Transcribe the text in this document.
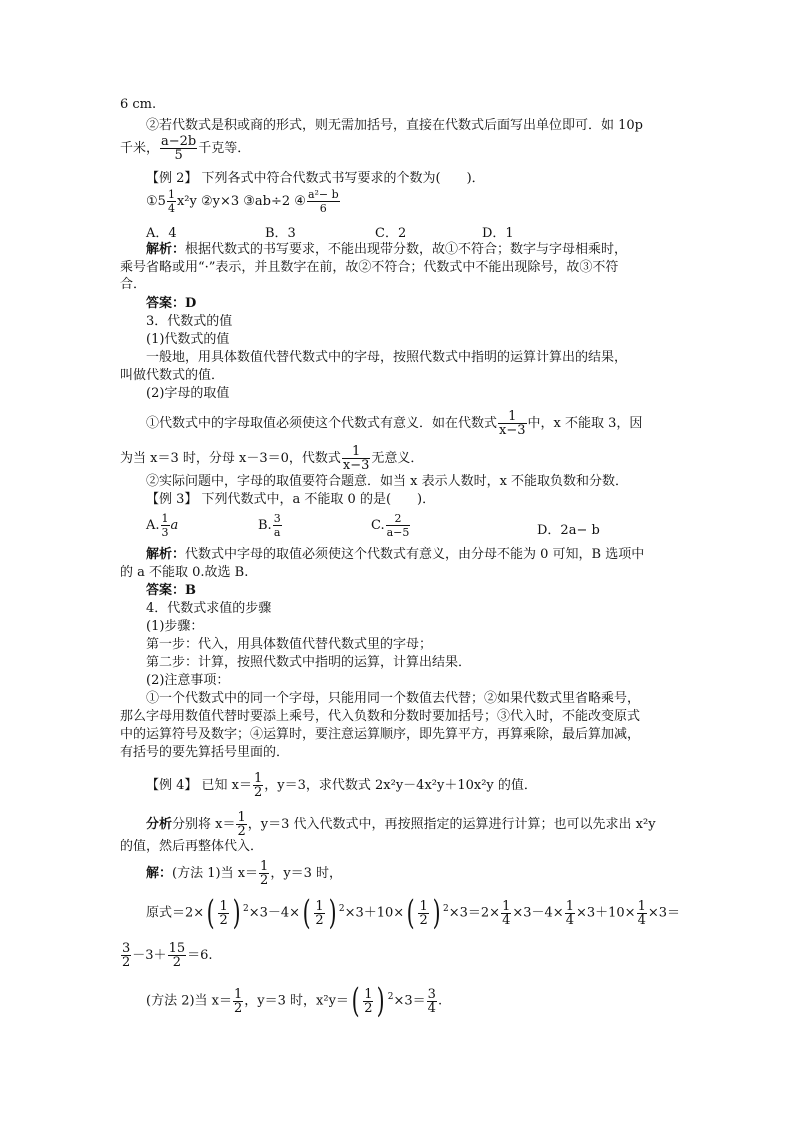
6 cm.
②若代数式是积或商的形式，则无需加括号，直接在代数式后面写出单位即可．如 10p
千米， $\frac{a-2b}{5}$ 千克等．
【例 2】 下列各式中符合代数式书写要求的个数为(　　)．
①5 $\frac{1}{4} x^2y$ ②y×3 ③ab÷2 ④ $\frac{\text{a²− b}}{6}$
A．4	B．3	C．2	D．1
解析：根据代数式的书写要求，不能出现带分数，故①不符合；数字与字母相乘时，
乘号省略或用“·”表示，并且数字在前，故②不符合；代数式中不能出现除号，故③不符
合．
答案：D
3．代数式的值
(1)代数式的值
一般地，用具体数值代替代数式中的字母，按照代数式中指明的运算计算出的结果，
叫做代数式的值．
(2)字母的取值
①代数式中的字母取值必须使这个代数式有意义．如在代数式 $\frac{1}{x-3}$ 中，x 不能取 3，因
为当 x＝3 时，分母 x－3＝0，代数式 $\frac{1}{x-3}$ 无意义．
②实际问题中，字母的取值要符合题意．如当 x 表示人数时，x 不能取负数和分数．
【例 3】 下列代数式中，a 不能取 0 的是(　　)．
A. $\frac{1}{3}$ a	B. $\frac{3}{a}$	C. $\frac{2}{a-5}$	D．2a− b
解析：代数式中字母的取值必须使这个代数式有意义，由分母不能为 0 可知，B 选项中
的 a 不能取 0.故选 B.
答案：B
4．代数式求值的步骤
(1)步骤：
第一步：代入，用具体数值代替代数式里的字母；
第二步：计算，按照代数式中指明的运算，计算出结果．
(2)注意事项：
①一个代数式中的同一个字母，只能用同一个数值去代替；②如果代数式里省略乘号，
那么字母用数值代替时要添上乘号，代入负数和分数时要加括号；③代入时，不能改变原式
中的运算符号及数字；④运算时，要注意运算顺序，即先算平方，再算乘除，最后算加减，
有括号的要先算括号里面的．
【例 4】 已知 $x= \frac{1}{2}$ ，y＝3，求代数式 2x²y－4x²y＋10x²y 的值．
分析分别将 $x= \frac{1}{2}$ ，y＝3 代入代数式中，再按照指定的运算进行计算；也可以先求出 x²y
的值，然后再整体代入．
解：(方法 1)当 $x= \frac{1}{2}$ ，y＝3 时，
原式$=2\times( \frac{1}{2}$ ) $^2\times 3-4\times( \frac{1}{2}$ ) $^2\times 3+10\times( \frac{1}{2}$ ) $^2\times 3=2\times \frac{1}{4} \times 3-4\times \frac{1}{4} \times 3+10\times \frac{1}{4} \times 3=$
$\frac{3}{2} -3+ \frac{15}{2} =6$.
(方法 2)当 $x= \frac{1}{2}$ ，y＝3 时，$x^2y=( \frac{1}{2}$ ) $^2\times 3= \frac{3}{4}$ .
